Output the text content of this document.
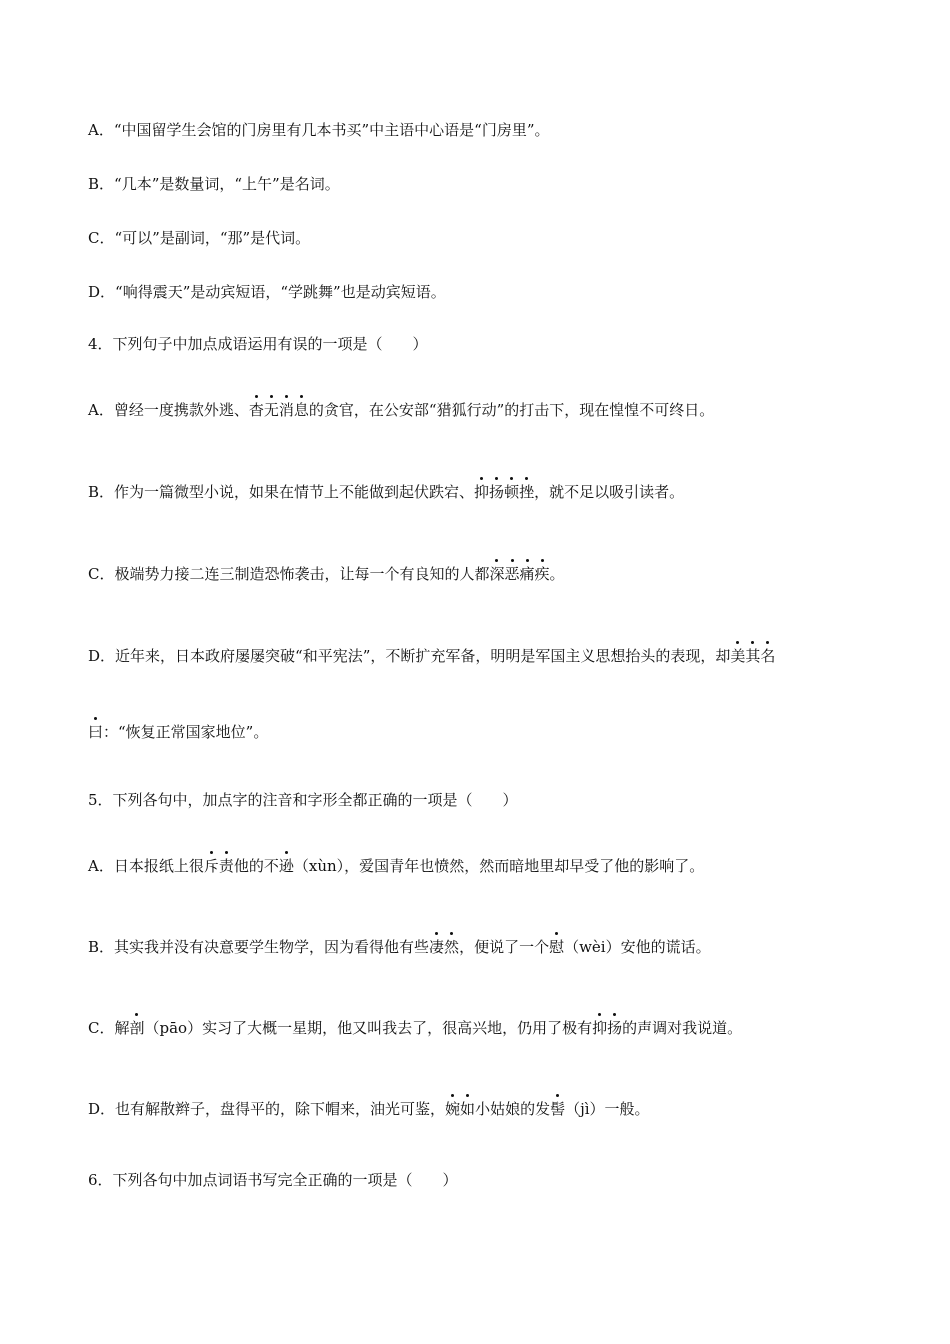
A．“中国留学生会馆的门房里有几本书买”中主语中心语是“门房里”。
B．“几本”是数量词，“上午”是名词。
C．“可以”是副词，“那”是代词。
D．“响得震天”是动宾短语，“学跳舞”也是动宾短语。
4．下列句子中加点成语运用有误的一项是（　　）
A．曾经一度携款外逃、杳无消息的贪官，在公安部“猎狐行动”的打击下，现在惶惶不可终日。
B．作为一篇微型小说，如果在情节上不能做到起伏跌宕、抑扬顿挫，就不足以吸引读者。
C．极端势力接二连三制造恐怖袭击，让每一个有良知的人都深恶痛疾。
D．近年来，日本政府屡屡突破“和平宪法”，不断扩充军备，明明是军国主义思想抬头的表现，却美其名
曰：“恢复正常国家地位”。
5．下列各句中，加点字的注音和字形全都正确的一项是（　　）
A．日本报纸上很斥责他的不逊（xùn），爱国青年也愤然，然而暗地里却早受了他的影响了。
B．其实我并没有决意要学生物学，因为看得他有些凄然，便说了一个慰（wèi）安他的谎话。
C．解剖（pāo）实习了大概一星期，他又叫我去了，很高兴地，仍用了极有抑扬的声调对我说道。
D．也有解散辫子，盘得平的，除下帽来，油光可鉴，婉如小姑娘的发髻（jì）一般。
6．下列各句中加点词语书写完全正确的一项是（　　）
